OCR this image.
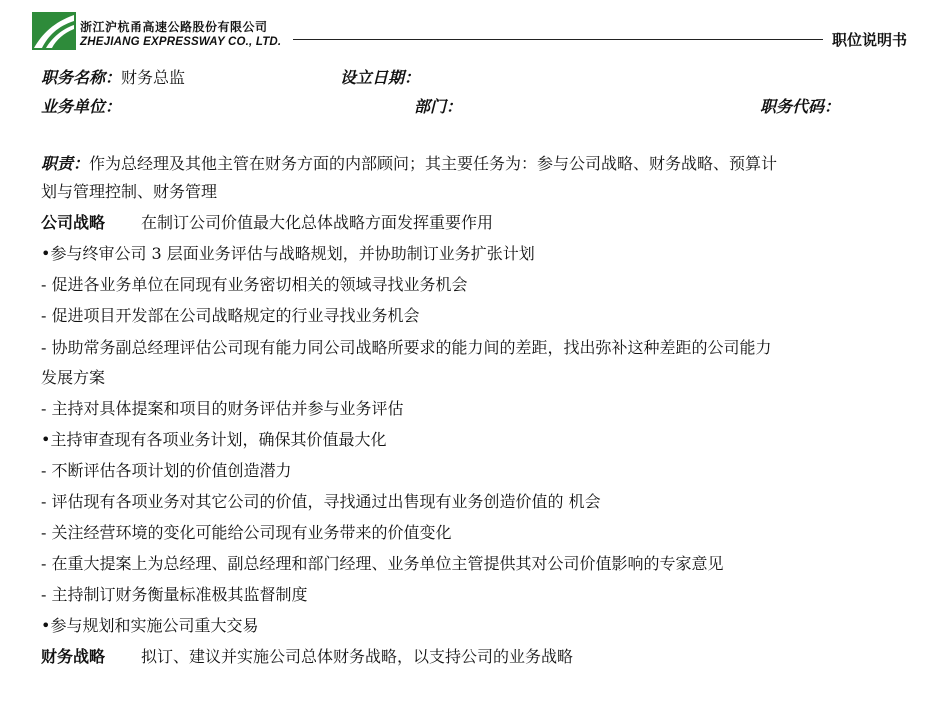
浙江沪杭甬高速公路股份有限公司
ZHEJIANG EXPRESSWAY CO., LTD.	职位说明书
职务名称：财务总监	设立日期：
业务单位：	部门：	职务代码：
职责：作为总经理及其他主管在财务方面的内部顾问；其主要任务为：参与公司战略、财务战略、预算计
划与管理控制、财务管理
公司战略 在制订公司价值最大化总体战略方面发挥重要作用
•参与终审公司 3 层面业务评估与战略规划，并协助制订业务扩张计划
- 促进各业务单位在同现有业务密切相关的领域寻找业务机会
- 促进项目开发部在公司战略规定的行业寻找业务机会
- 协助常务副总经理评估公司现有能力同公司战略所要求的能力间的差距，找出弥补这种差距的公司能力
发展方案
- 主持对具体提案和项目的财务评估并参与业务评估
•主持审查现有各项业务计划，确保其价值最大化
- 不断评估各项计划的价值创造潜力
- 评估现有各项业务对其它公司的价值，寻找通过出售现有业务创造价值的 机会
- 关注经营环境的变化可能给公司现有业务带来的价值变化
- 在重大提案上为总经理、副总经理和部门经理、业务单位主管提供其对公司价值影响的专家意见
- 主持制订财务衡量标准极其监督制度
•参与规划和实施公司重大交易
财务战略 拟订、建议并实施公司总体财务战略，以支持公司的业务战略
